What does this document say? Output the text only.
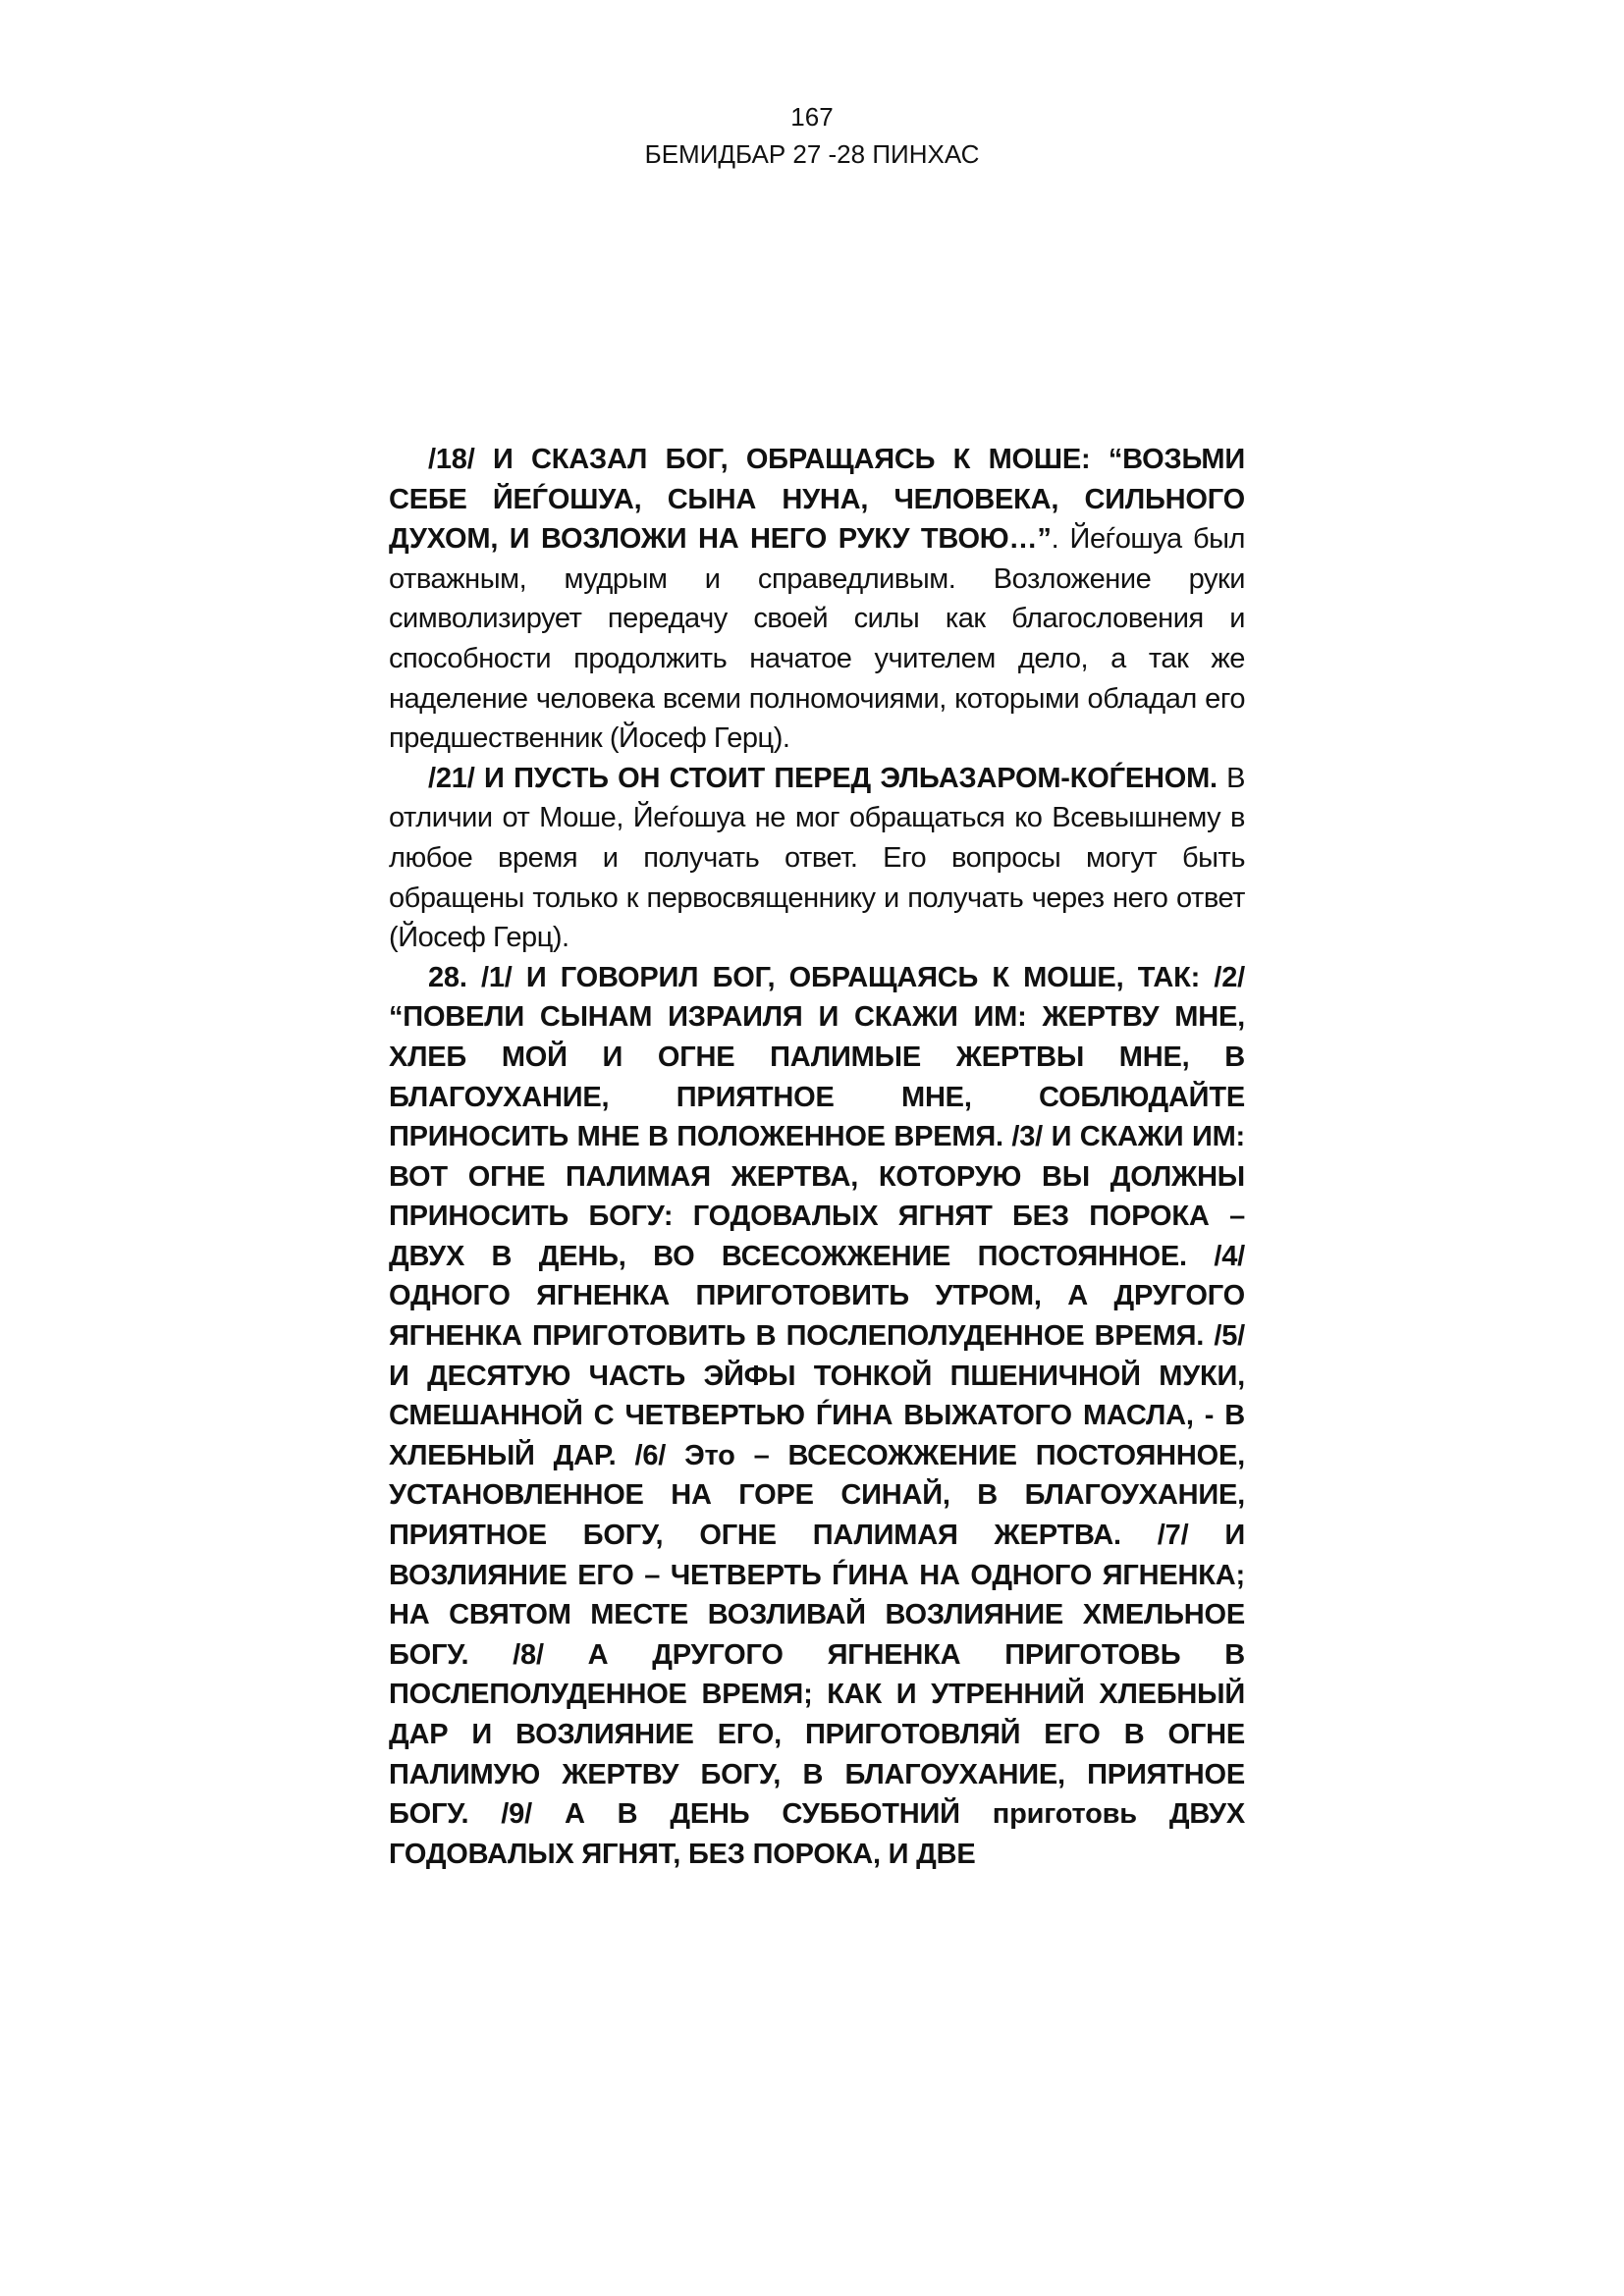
167
БЕМИДБАР 27 -28 ПИНХАС

/18/ И СКАЗАЛ БОГ, ОБРАЩАЯСЬ К МОШЕ: “ВОЗЬМИ СЕБЕ ЙЕЃОШУА, СЫНА НУНА, ЧЕЛОВЕКА, СИЛЬНОГО ДУХОМ, И ВОЗЛОЖИ НА НЕГО РУКУ ТВОЮ…”. Йеѓошуа был отважным, мудрым и справедливым. Возложение руки символизирует передачу своей силы как благословения и способности продолжить начатое учителем дело, а так же наделение человека всеми полномочиями, которыми обладал его предшественник (Йосеф Герц).

/21/ И ПУСТЬ ОН СТОИТ ПЕРЕД ЭЛЬАЗАРОМ-КОЃЕНОМ. В отличии от Моше, Йеѓошуа не мог обращаться ко Всевышнему в любое время и получать ответ. Его вопросы могут быть обращены только к первосвященнику и получать через него ответ (Йосеф Герц).

28. /1/ И ГОВОРИЛ БОГ, ОБРАЩАЯСЬ К МОШЕ, ТАК: /2/ “ПОВЕЛИ СЫНАМ ИЗРАИЛЯ И СКАЖИ ИМ: ЖЕРТВУ МНЕ, ХЛЕБ МОЙ И ОГНЕ ПАЛИМЫЕ ЖЕРТВЫ МНЕ, В БЛАГОУХАНИЕ, ПРИЯТНОЕ МНЕ, СОБЛЮДАЙТЕ ПРИНОСИТЬ МНЕ В ПОЛОЖЕННОЕ ВРЕМЯ. /3/ И СКАЖИ ИМ: ВОТ ОГНЕ ПАЛИМАЯ ЖЕРТВА, КОТОРУЮ ВЫ ДОЛЖНЫ ПРИНОСИТЬ БОГУ: ГОДОВАЛЫХ ЯГНЯТ БЕЗ ПОРОКА – ДВУХ В ДЕНЬ, ВО ВСЕСОЖЖЕНИЕ ПОСТОЯННОЕ. /4/ ОДНОГО ЯГНЕНКА ПРИГОТОВИТЬ УТРОМ, А ДРУГОГО ЯГНЕНКА ПРИГОТОВИТЬ В ПОСЛЕПОЛУДЕННОЕ ВРЕМЯ. /5/ И ДЕСЯТУЮ ЧАСТЬ ЭЙФЫ ТОНКОЙ ПШЕНИЧНОЙ МУКИ, СМЕШАННОЙ С ЧЕТВЕРТЬЮ ЃИНА ВЫЖАТОГО МАСЛА, - В ХЛЕБНЫЙ ДАР. /6/ Это – ВСЕСОЖЖЕНИЕ ПОСТОЯННОЕ, УСТАНОВЛЕННОЕ НА ГОРЕ СИНАЙ, В БЛАГОУХАНИЕ, ПРИЯТНОЕ БОГУ, ОГНЕ ПАЛИМАЯ ЖЕРТВА. /7/ И ВОЗЛИЯНИЕ ЕГО – ЧЕТВЕРТЬ ЃИНА НА ОДНОГО ЯГНЕНКА; НА СВЯТОМ МЕСТЕ ВОЗЛИВАЙ ВОЗЛИЯНИЕ ХМЕЛЬНОЕ БОГУ. /8/ А ДРУГОГО ЯГНЕНКА ПРИГОТОВЬ В ПОСЛЕПОЛУДЕННОЕ ВРЕМЯ; КАК И УТРЕННИЙ ХЛЕБНЫЙ ДАР И ВОЗЛИЯНИЕ ЕГО, ПРИГОТОВЛЯЙ ЕГО В ОГНЕ ПАЛИМУЮ ЖЕРТВУ БОГУ, В БЛАГОУХАНИЕ, ПРИЯТНОЕ БОГУ. /9/ А В ДЕНЬ СУББОТНИЙ приготовь ДВУХ ГОДОВАЛЫХ ЯГНЯТ, БЕЗ ПОРОКА, И ДВЕ
